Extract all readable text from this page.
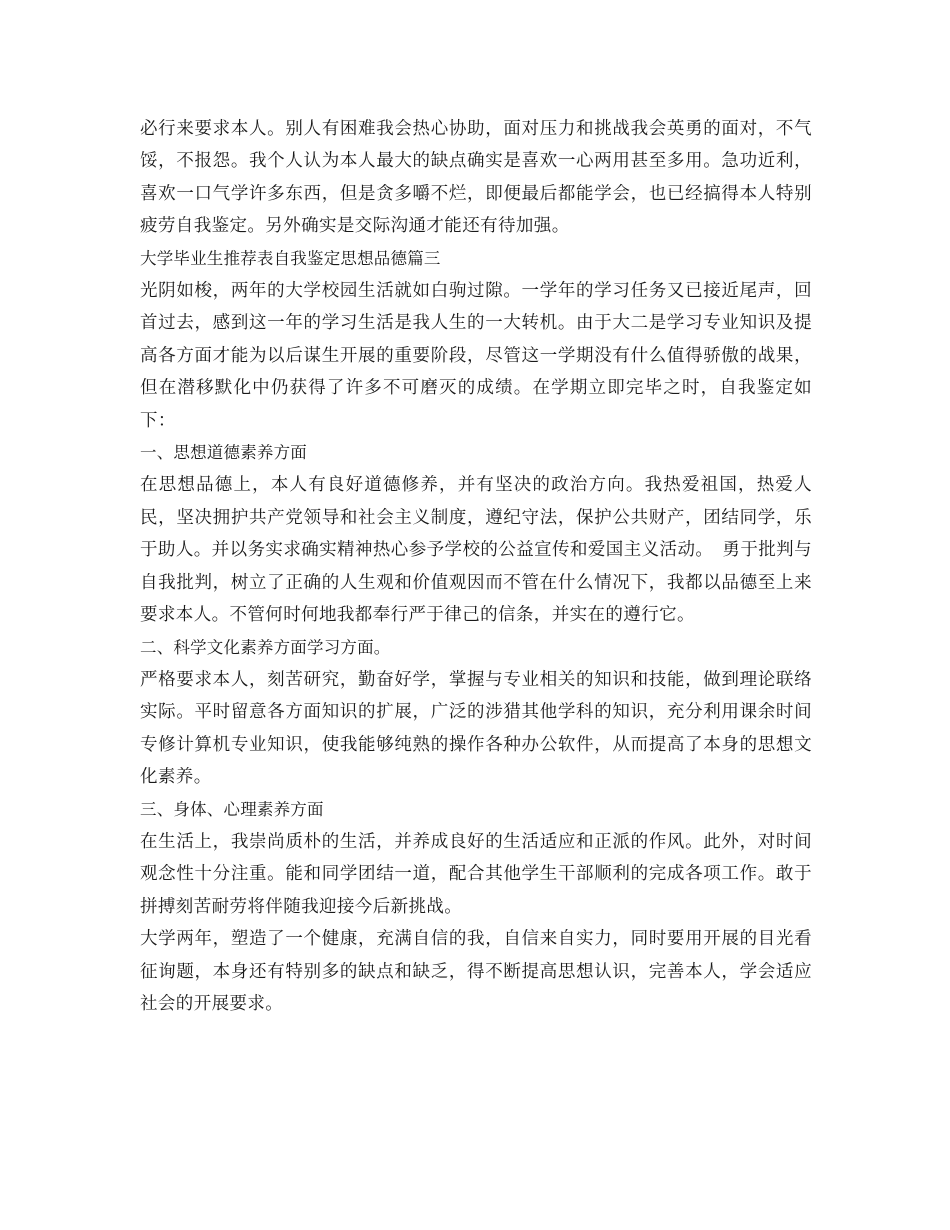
必行来要求本人。别人有困难我会热心协助，面对压力和挑战我会英勇的面对，不气馁，不报怨。我个人认为本人最大的缺点确实是喜欢一心两用甚至多用。急功近利，喜欢一口气学许多东西，但是贪多嚼不烂，即便最后都能学会，也已经搞得本人特别疲劳自我鉴定。另外确实是交际沟通才能还有待加强。

大学毕业生推荐表自我鉴定思想品德篇三

光阴如梭，两年的大学校园生活就如白驹过隙。一学年的学习任务又已接近尾声，回首过去，感到这一年的学习生活是我人生的一大转机。由于大二是学习专业知识及提高各方面才能为以后谋生开展的重要阶段，尽管这一学期没有什么值得骄傲的战果，但在潜移默化中仍获得了许多不可磨灭的成绩。在学期立即完毕之时，自我鉴定如下：

一、思想道德素养方面

在思想品德上，本人有良好道德修养，并有坚决的政治方向。我热爱祖国，热爱人民，坚决拥护共产党领导和社会主义制度，遵纪守法，保护公共财产，团结同学，乐于助人。并以务实求确实精神热心参予学校的公益宣传和爱国主义活动。　勇于批判与自我批判，树立了正确的人生观和价值观因而不管在什么情况下，我都以品德至上来要求本人。不管何时何地我都奉行严于律己的信条，并实在的遵行它。

二、科学文化素养方面学习方面。

严格要求本人，刻苦研究，勤奋好学，掌握与专业相关的知识和技能，做到理论联络实际。平时留意各方面知识的扩展，广泛的涉猎其他学科的知识，充分利用课余时间专修计算机专业知识，使我能够纯熟的操作各种办公软件，从而提高了本身的思想文化素养。

三、身体、心理素养方面

在生活上，我崇尚质朴的生活，并养成良好的生活适应和正派的作风。此外，对时间观念性十分注重。能和同学团结一道，配合其他学生干部顺利的完成各项工作。敢于拼搏刻苦耐劳将伴随我迎接今后新挑战。

大学两年，塑造了一个健康，充满自信的我，自信来自实力，同时要用开展的目光看征询题，本身还有特别多的缺点和缺乏，得不断提高思想认识，完善本人，学会适应社会的开展要求。
